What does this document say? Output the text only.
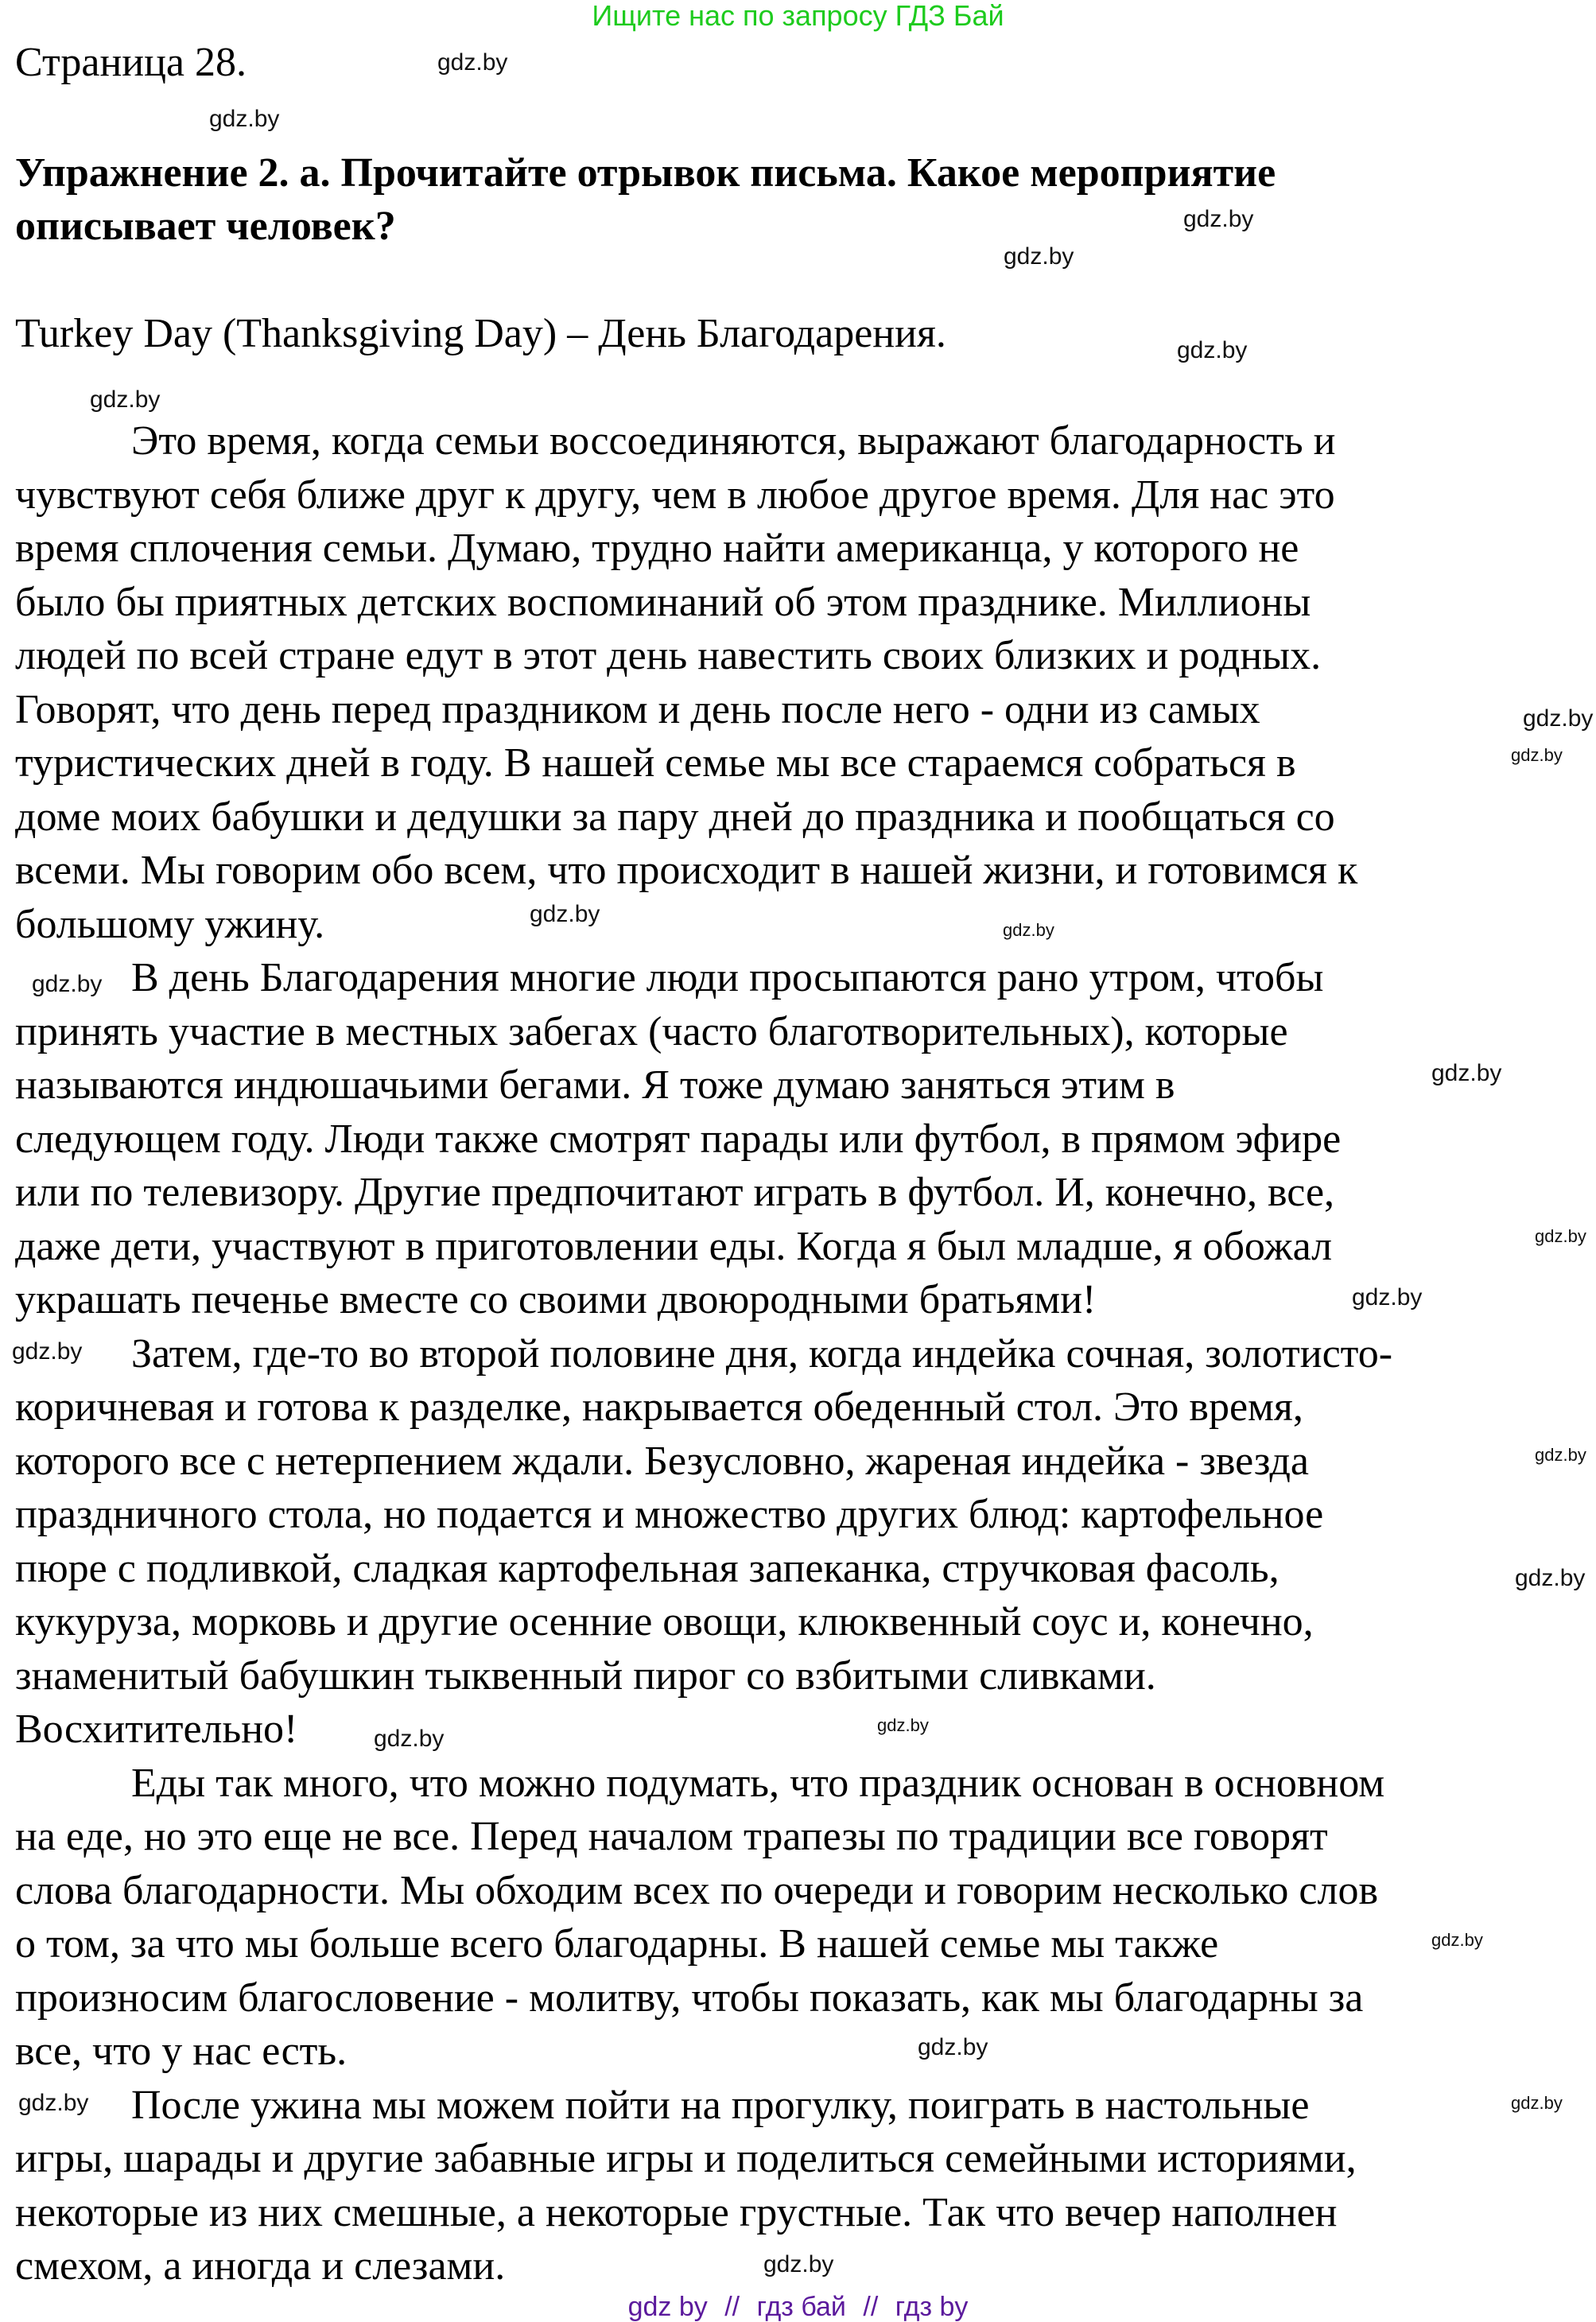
Ищите нас по запросу ГДЗ Бай
Страница 28.
Упражнение 2. а. Прочитайте отрывок письма. Какое мероприятие
описывает человек?
Turkey Day (Thanksgiving Day) – День Благодарения.
Это время, когда семьи воссоединяются, выражают благодарность и
чувствуют себя ближе друг к другу, чем в любое другое время. Для нас это
время сплочения семьи. Думаю, трудно найти американца, у которого не
было бы приятных детских воспоминаний об этом празднике. Миллионы
людей по всей стране едут в этот день навестить своих близких и родных.
Говорят, что день перед праздником и день после него - одни из самых
туристических дней в году. В нашей семье мы все стараемся собраться в
доме моих бабушки и дедушки за пару дней до праздника и пообщаться со
всеми. Мы говорим обо всем, что происходит в нашей жизни, и готовимся к
большому ужину.
В день Благодарения многие люди просыпаются рано утром, чтобы
принять участие в местных забегах (часто благотворительных), которые
называются индюшачьими бегами. Я тоже думаю заняться этим в
следующем году. Люди также смотрят парады или футбол, в прямом эфире
или по телевизору. Другие предпочитают играть в футбол. И, конечно, все,
даже дети, участвуют в приготовлении еды. Когда я был младше, я обожал
украшать печенье вместе со своими двоюродными братьями!
Затем, где-то во второй половине дня, когда индейка сочная, золотисто-
коричневая и готова к разделке, накрывается обеденный стол. Это время,
которого все с нетерпением ждали. Безусловно, жареная индейка - звезда
праздничного стола, но подается и множество других блюд: картофельное
пюре с подливкой, сладкая картофельная запеканка, стручковая фасоль,
кукуруза, морковь и другие осенние овощи, клюквенный соус и, конечно,
знаменитый бабушкин тыквенный пирог со взбитыми сливками.
Восхитительно!
Еды так много, что можно подумать, что праздник основан в основном
на еде, но это еще не все. Перед началом трапезы по традиции все говорят
слова благодарности. Мы обходим всех по очереди и говорим несколько слов
о том, за что мы больше всего благодарны. В нашей семье мы также
произносим благословение - молитву, чтобы показать, как мы благодарны за
все, что у нас есть.
После ужина мы можем пойти на прогулку, поиграть в настольные
игры, шарады и другие забавные игры и поделиться семейными историями,
некоторые из них смешные, а некоторые грустные. Так что вечер наполнен
смехом, а иногда и слезами.
gdz.by
gdz.by
gdz.by
gdz.by
gdz.by
gdz.by
gdz.by
gdz.by
gdz.by
gdz.by
gdz.by
gdz.by
gdz.by
gdz.by
gdz.by
gdz.by
gdz.by
gdz.by
gdz.by
gdz.by
gdz.by
gdz.by	gdz.by
gdz.by
gdz by // гдз бай // гдз by
